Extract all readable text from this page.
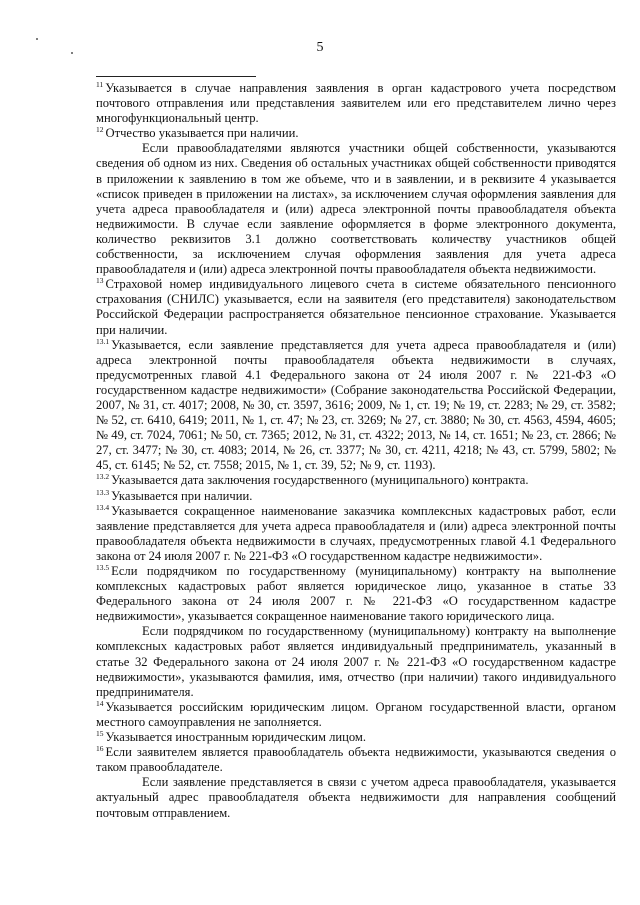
5

$^{11}$ Указывается в случае направления заявления в орган кадастрового учета посредством почтового отправления или представления заявителем или его представителем лично через многофункциональный центр.

$^{12}$ Отчество указывается при наличии.

Если правообладателями являются участники общей собственности, указываются сведения об одном из них. Сведения об остальных участниках общей собственности приводятся в приложении к заявлению в том же объеме, что и в заявлении, и в реквизите 4 указывается «список приведен в приложении на листах», за исключением случая оформления заявления для учета адреса правообладателя и (или) адреса электронной почты правообладателя объекта недвижимости. В случае если заявление оформляется в форме электронного документа, количество реквизитов 3.1 должно соответствовать количеству участников общей собственности, за исключением случая оформления заявления для учета адреса правообладателя и (или) адреса электронной почты правообладателя объекта недвижимости.

$^{13}$ Страховой номер индивидуального лицевого счета в системе обязательного пенсионного страхования (СНИЛС) указывается, если на заявителя (его представителя) законодательством Российской Федерации распространяется обязательное пенсионное страхование. Указывается при наличии.

$^{13.1}$ Указывается, если заявление представляется для учета адреса правообладателя и (или) адреса электронной почты правообладателя объекта недвижимости в случаях, предусмотренных главой 4.1 Федерального закона от 24 июля 2007 г. № 221-ФЗ «О государственном кадастре недвижимости» (Собрание законодательства Российской Федерации, 2007, № 31, ст. 4017; 2008, № 30, ст. 3597, 3616; 2009, № 1, ст. 19; № 19, ст. 2283; № 29, ст. 3582; № 52, ст. 6410, 6419; 2011, № 1, ст. 47; № 23, ст. 3269; № 27, ст. 3880; № 30, ст. 4563, 4594, 4605; № 49, ст. 7024, 7061; № 50, ст. 7365; 2012, № 31, ст. 4322; 2013, № 14, ст. 1651; № 23, ст. 2866; № 27, ст. 3477; № 30, ст. 4083; 2014, № 26, ст. 3377; № 30, ст. 4211, 4218; № 43, ст. 5799, 5802; № 45, ст. 6145; № 52, ст. 7558; 2015, № 1, ст. 39, 52; № 9, ст. 1193).

$^{13.2}$ Указывается дата заключения государственного (муниципального) контракта.

$^{13.3}$ Указывается при наличии.

$^{13.4}$ Указывается сокращенное наименование заказчика комплексных кадастровых работ, если заявление представляется для учета адреса правообладателя и (или) адреса электронной почты правообладателя объекта недвижимости в случаях, предусмотренных главой 4.1 Федерального закона от 24 июля 2007 г. № 221-ФЗ «О государственном кадастре недвижимости».

$^{13.5}$ Если подрядчиком по государственному (муниципальному) контракту на выполнение комплексных кадастровых работ является юридическое лицо, указанное в статье 33 Федерального закона от 24 июля 2007 г. № 221-ФЗ «О государственном кадастре недвижимости», указывается сокращенное наименование такого юридического лица.

Если подрядчиком по государственному (муниципальному) контракту на выполнение комплексных кадастровых работ является индивидуальный предприниматель, указанный в статье 32 Федерального закона от 24 июля 2007 г. № 221-ФЗ «О государственном кадастре недвижимости», указываются фамилия, имя, отчество (при наличии) такого индивидуального предпринимателя.

$^{14}$ Указывается российским юридическим лицом. Органом государственной власти, органом местного самоуправления не заполняется.

$^{15}$ Указывается иностранным юридическим лицом.

$^{16}$ Если заявителем является правообладатель объекта недвижимости, указываются сведения о таком правообладателе.

Если заявление представляется в связи с учетом адреса правообладателя, указывается актуальный адрес правообладателя объекта недвижимости для направления сообщений почтовым отправлением.
